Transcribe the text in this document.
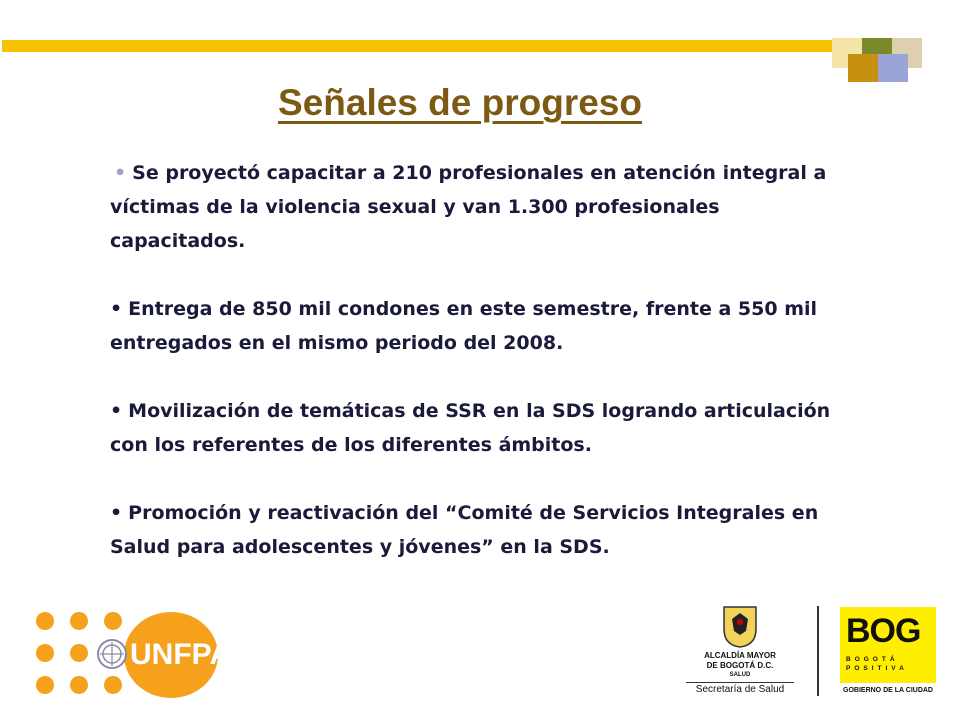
Señales de progreso

• Se proyectó capacitar a 210 profesionales en atención integral a víctimas de la violencia sexual y van 1.300 profesionales capacitados.

• Entrega de 850 mil condones en este semestre, frente a 550 mil entregados en el mismo periodo del 2008.

• Movilización de temáticas de SSR en la SDS logrando articulación con los referentes de los diferentes ámbitos.

• Promoción y reactivación del “Comité de Servicios Integrales en Salud para adolescentes y jóvenes” en la SDS.

UNFPA	ALCALDÍA MAYOR
DE BOGOTÁ D.C.
SALUD
Secretaría de Salud
BOG
BOGOTÁ POSITIVA
GOBIERNO DE LA CIUDAD
